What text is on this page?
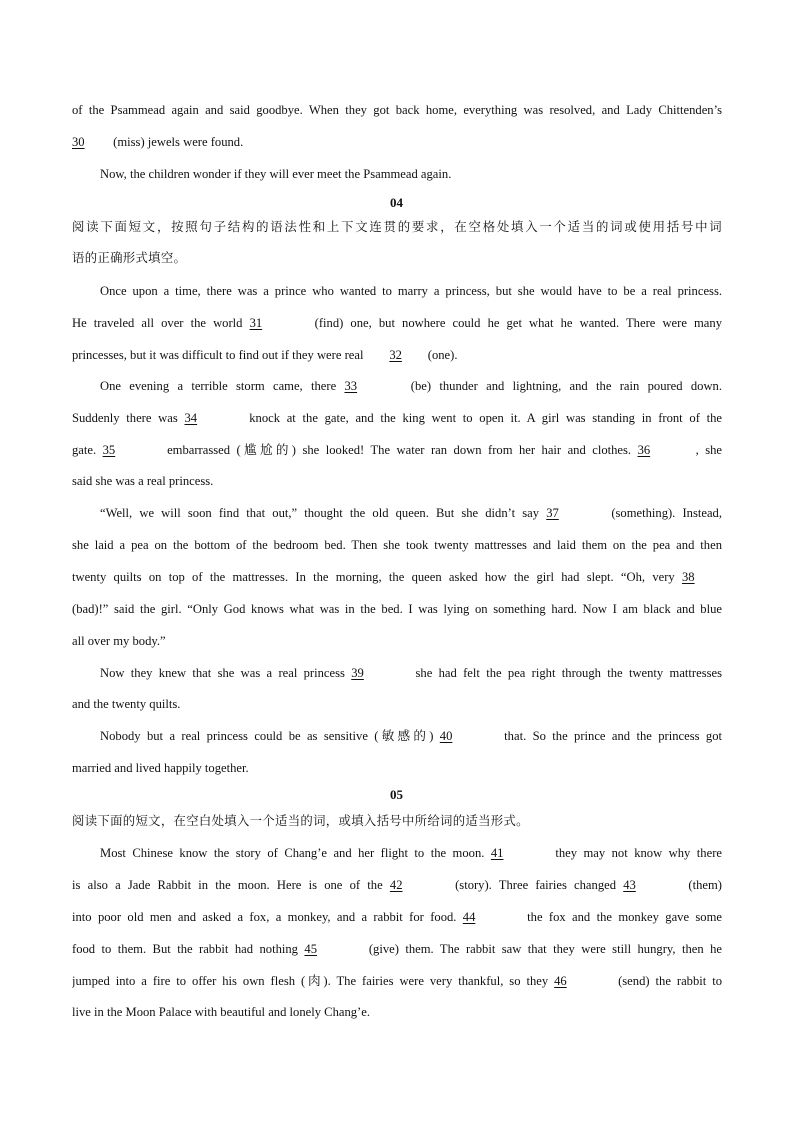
of the Psammead again and said goodbye. When they got back home, everything was resolved, and Lady Chittenden’s
30 (miss) jewels were found.
Now, the children wonder if they will ever meet the Psammead again.
04
阅读下面短文，按照句子结构的语法性和上下文连贯的要求，在空格处填入一个适当的词或使用括号中词
语的正确形式填空。
Once upon a time, there was a prince who wanted to marry a princess, but she would have to be a real princess.
He traveled all over the world 31	(find) one, but nowhere could he get what he wanted. There were many
princesses, but it was difficult to find out if they were real 32 (one).
One evening a terrible storm came, there 33	(be) thunder and lightning, and the rain poured down.
Suddenly there was 34	knock at the gate, and the king went to open it. A girl was standing in front of the
gate. 35	embarrassed (尴尬的) she looked! The water ran down from her hair and clothes. 36	, she
said she was a real princess.
“Well, we will soon find that out,” thought the old queen. But she didn’t say 37	(something). Instead,
she laid a pea on the bottom of the bedroom bed. Then she took twenty mattresses and laid them on the pea and then
twenty quilts on top of the mattresses. In the morning, the queen asked how the girl had slept. “Oh, very 38
(bad)!” said the girl. “Only God knows what was in the bed. I was lying on something hard. Now I am black and blue
all over my body.”
Now they knew that she was a real princess 39	she had felt the pea right through the twenty mattresses
and the twenty quilts.
Nobody but a real princess could be as sensitive (敏感的) 40	that. So the prince and the princess got
married and lived happily together.
05
阅读下面的短文，在空白处填入一个适当的词，或填入括号中所给词的适当形式。
Most Chinese know the story of Chang’e and her flight to the moon. 41	they may not know why there
is also a Jade Rabbit in the moon. Here is one of the 42	(story). Three fairies changed 43	(them)
into poor old men and asked a fox, a monkey, and a rabbit for food. 44	the fox and the monkey gave some
food to them. But the rabbit had nothing 45	(give) them. The rabbit saw that they were still hungry, then he
jumped into a fire to offer his own flesh (肉). The fairies were very thankful, so they 46	(send) the rabbit to
live in the Moon Palace with beautiful and lonely Chang’e.
